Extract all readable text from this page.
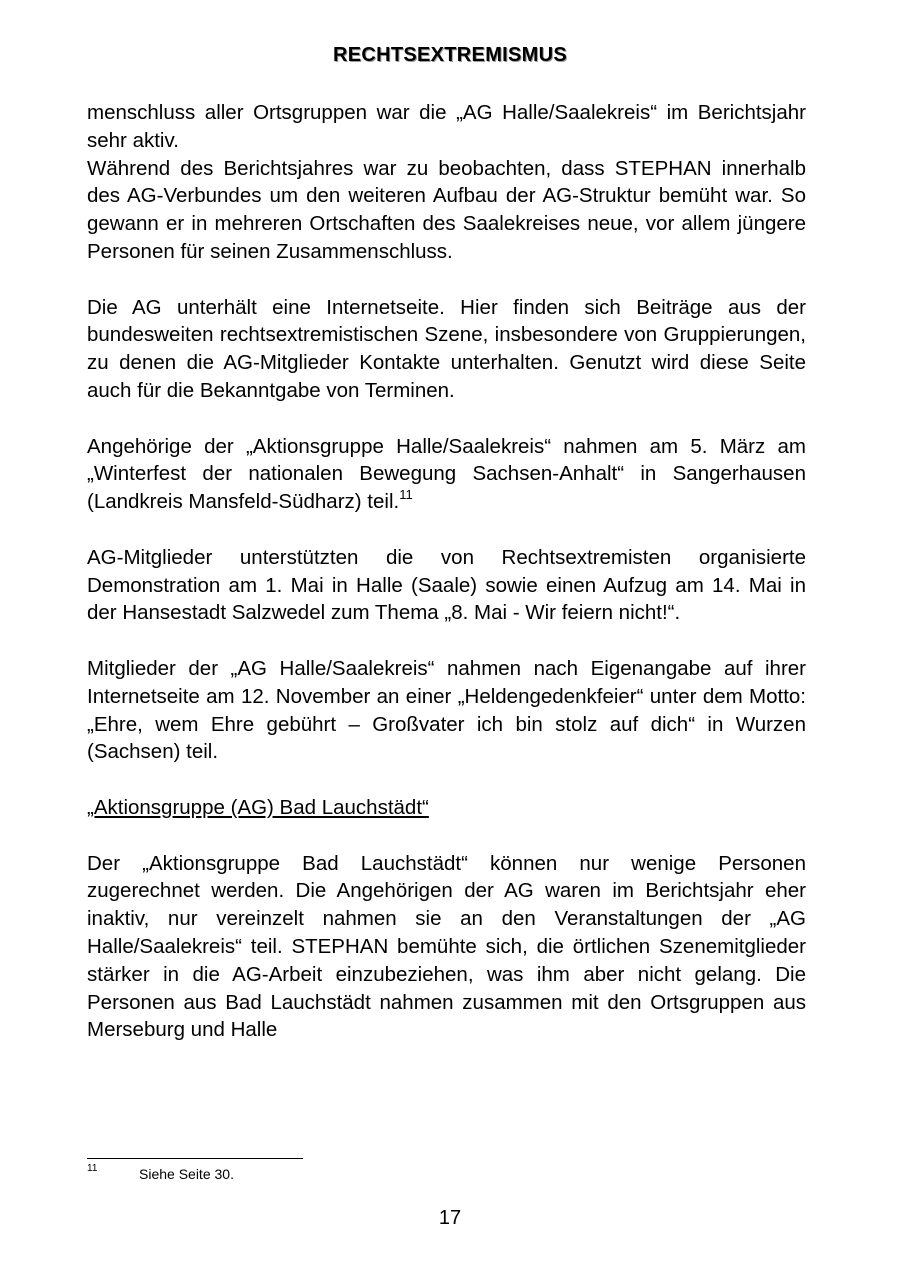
RECHTSEXTREMISMUS

menschluss aller Ortsgruppen war die „AG Halle/Saalekreis“ im Berichtsjahr sehr aktiv.

Während des Berichtsjahres war zu beobachten, dass STEPHAN innerhalb des AG-Verbundes um den weiteren Aufbau der AG-Struktur bemüht war. So gewann er in mehreren Ortschaften des Saalekreises neue, vor allem jüngere Personen für seinen Zusammenschluss.

Die AG unterhält eine Internetseite. Hier finden sich Beiträge aus der bundesweiten rechtsextremistischen Szene, insbesondere von Gruppierungen, zu denen die AG-Mitglieder Kontakte unterhalten. Genutzt wird diese Seite auch für die Bekanntgabe von Terminen.

Angehörige der „Aktionsgruppe Halle/Saalekreis“ nahmen am 5. März am „Winterfest der nationalen Bewegung Sachsen-Anhalt“ in Sangerhausen (Landkreis Mansfeld-Südharz) teil.$^{11}$

AG-Mitglieder unterstützten die von Rechtsextremisten organisierte Demonstration am 1. Mai in Halle (Saale) sowie einen Aufzug am 14. Mai in der Hansestadt Salzwedel zum Thema „8. Mai - Wir feiern nicht!“.

Mitglieder der „AG Halle/Saalekreis“ nahmen nach Eigenangabe auf ihrer Internetseite am 12. November an einer „Heldengedenkfeier“ unter dem Motto: „Ehre, wem Ehre gebührt – Großvater ich bin stolz auf dich“ in Wurzen (Sachsen) teil.

„Aktionsgruppe (AG) Bad Lauchstädt“

Der „Aktionsgruppe Bad Lauchstädt“ können nur wenige Personen zugerechnet werden. Die Angehörigen der AG waren im Berichtsjahr eher inaktiv, nur vereinzelt nahmen sie an den Veranstaltungen der „AG Halle/Saalekreis“ teil. STEPHAN bemühte sich, die örtlichen Szenemitglieder stärker in die AG-Arbeit einzubeziehen, was ihm aber nicht gelang. Die Personen aus Bad Lauchstädt nahmen zusammen mit den Ortsgruppen aus Merseburg und Halle

11	Siehe Seite 30.
17
